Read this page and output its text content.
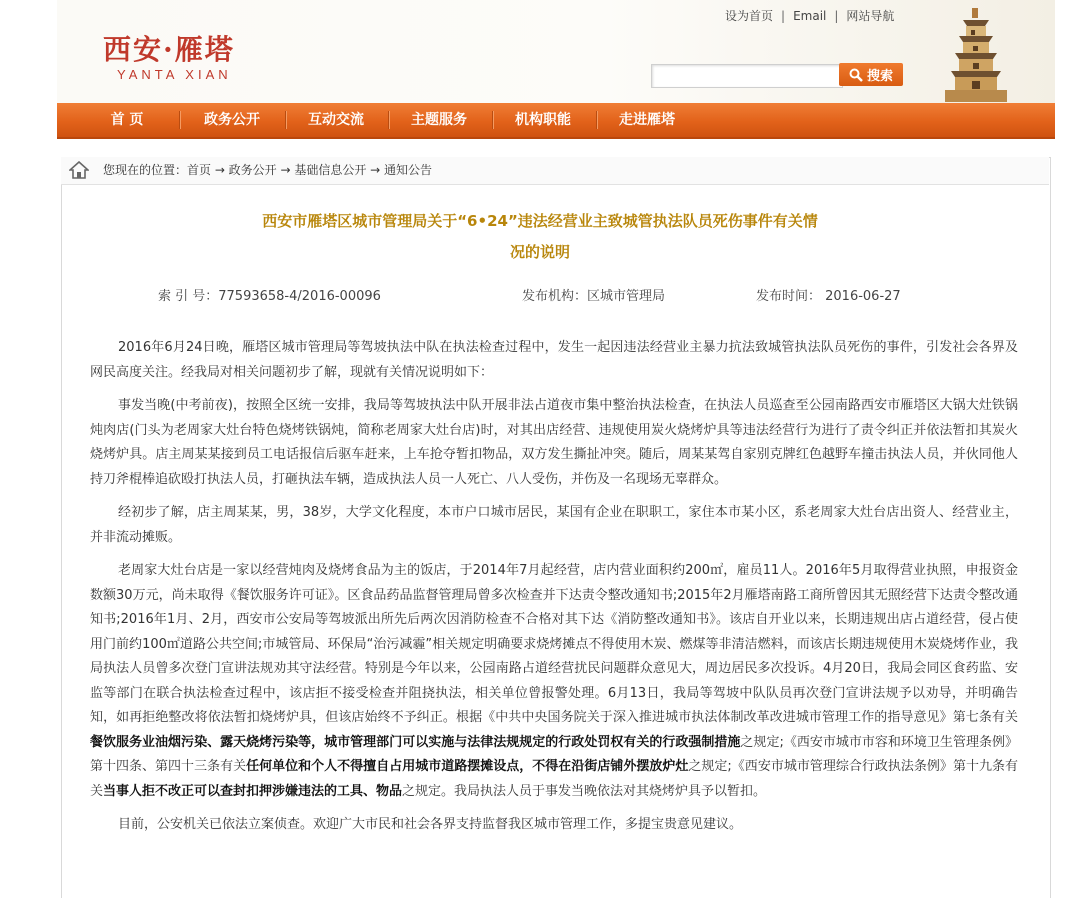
西安·雁塔
YANTA XIAN
设为首页 | Email | 网站导航
搜索
首 页	政务公开	互动交流	主题服务	机构职能	走进雁塔
您现在的位置：首页 → 政务公开 → 基础信息公开 → 通知公告
西安市雁塔区城市管理局关于“6•24”违法经营业主致城管执法队员死伤事件有关情
况的说明
索 引 号：77593658-4/2016-00096	发布机构：区城市管理局	发布时间： 2016-06-27

2016年6月24日晚，雁塔区城市管理局等驾坡执法中队在执法检查过程中，发生一起因违法经营业主暴力抗法致城管执法队员死伤的事件，引发社会各界及网民高度关注。经我局对相关问题初步了解，现就有关情况说明如下：

事发当晚(中考前夜)，按照全区统一安排，我局等驾坡执法中队开展非法占道夜市集中整治执法检查，在执法人员巡查至公园南路西安市雁塔区大锅大灶铁锅炖肉店(门头为老周家大灶台特色烧烤铁锅炖，简称老周家大灶台店)时，对其出店经营、违规使用炭火烧烤炉具等违法经营行为进行了责令纠正并依法暂扣其炭火烧烤炉具。店主周某某接到员工电话报信后驱车赶来，上车抢夺暂扣物品，双方发生撕扯冲突。随后，周某某驾自家别克牌红色越野车撞击执法人员，并伙同他人持刀斧棍棒追砍殴打执法人员，打砸执法车辆，造成执法人员一人死亡、八人受伤，并伤及一名现场无辜群众。

经初步了解，店主周某某，男，38岁，大学文化程度，本市户口城市居民，某国有企业在职职工，家住本市某小区，系老周家大灶台店出资人、经营业主，并非流动摊贩。

老周家大灶台店是一家以经营炖肉及烧烤食品为主的饭店，于2014年7月起经营，店内营业面积约200㎡，雇员11人。2016年5月取得营业执照，申报资金数额30万元，尚未取得《餐饮服务许可证》。区食品药品监督管理局曾多次检查并下达责令整改通知书;2015年2月雁塔南路工商所曾因其无照经营下达责令整改通知书;2016年1月、2月，西安市公安局等驾坡派出所先后两次因消防检查不合格对其下达《消防整改通知书》。该店自开业以来，长期违规出店占道经营，侵占使用门前约100㎡道路公共空间;市城管局、环保局“治污减霾”相关规定明确要求烧烤摊点不得使用木炭、燃煤等非清洁燃料，而该店长期违规使用木炭烧烤作业，我局执法人员曾多次登门宣讲法规劝其守法经营。特别是今年以来，公园南路占道经营扰民问题群众意见大，周边居民多次投诉。4月20日，我局会同区食药监、安监等部门在联合执法检查过程中，该店拒不接受检查并阻挠执法，相关单位曾报警处理。6月13日，我局等驾坡中队队员再次登门宣讲法规予以劝导，并明确告知，如再拒绝整改将依法暂扣烧烤炉具，但该店始终不予纠正。根据《中共中央国务院关于深入推进城市执法体制改革改进城市管理工作的指导意见》第七条有关餐饮服务业油烟污染、露天烧烤污染等，城市管理部门可以实施与法律法规规定的行政处罚权有关的行政强制措施之规定;《西安市城市市容和环境卫生管理条例》第十四条、第四十三条有关任何单位和个人不得擅自占用城市道路摆摊设点，不得在沿街店铺外摆放炉灶之规定;《西安市城市管理综合行政执法条例》第十九条有关当事人拒不改正可以查封扣押涉嫌违法的工具、物品之规定。我局执法人员于事发当晚依法对其烧烤炉具予以暂扣。

目前，公安机关已依法立案侦查。欢迎广大市民和社会各界支持监督我区城市管理工作，多提宝贵意见建议。
